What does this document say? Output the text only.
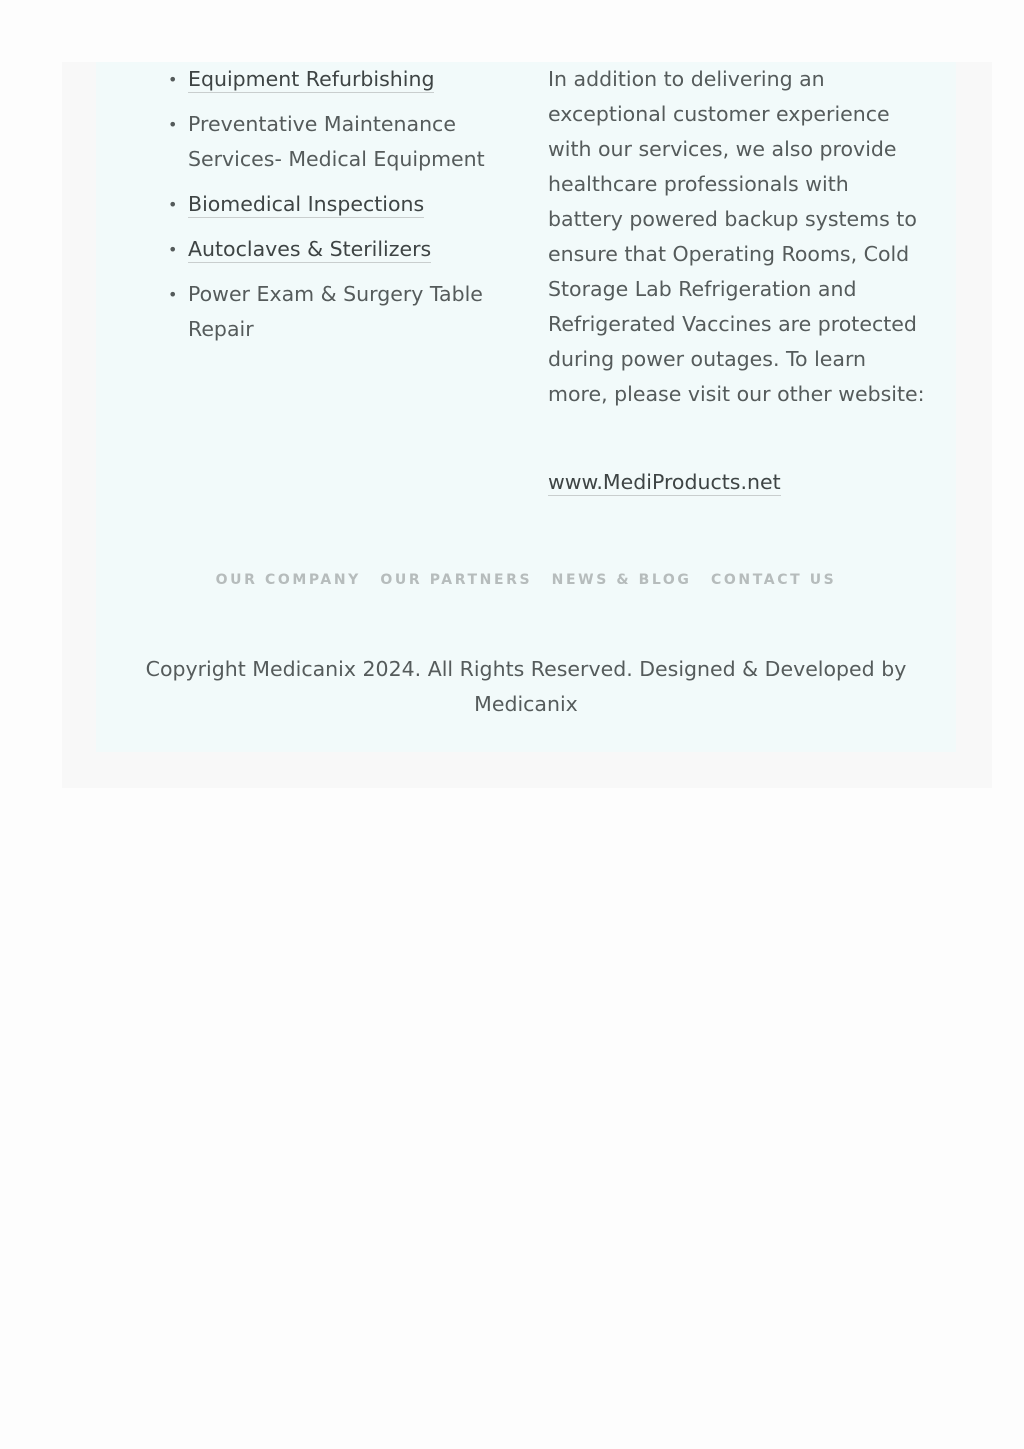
• Equipment Refurbishing
• Preventative Maintenance Services- Medical Equipment
• Biomedical Inspections
• Autoclaves & Sterilizers
• Power Exam & Surgery Table Repair

In addition to delivering an exceptional customer experience with our services, we also provide healthcare professionals with battery powered backup systems to ensure that Operating Rooms, Cold Storage Lab Refrigeration and Refrigerated Vaccines are protected during power outages. To learn more, please visit our other website:

www.MediProducts.net
OUR COMPANY OUR PARTNERS NEWS & BLOG CONTACT US

Copyright Medicanix 2024. All Rights Reserved. Designed & Developed by Medicanix
